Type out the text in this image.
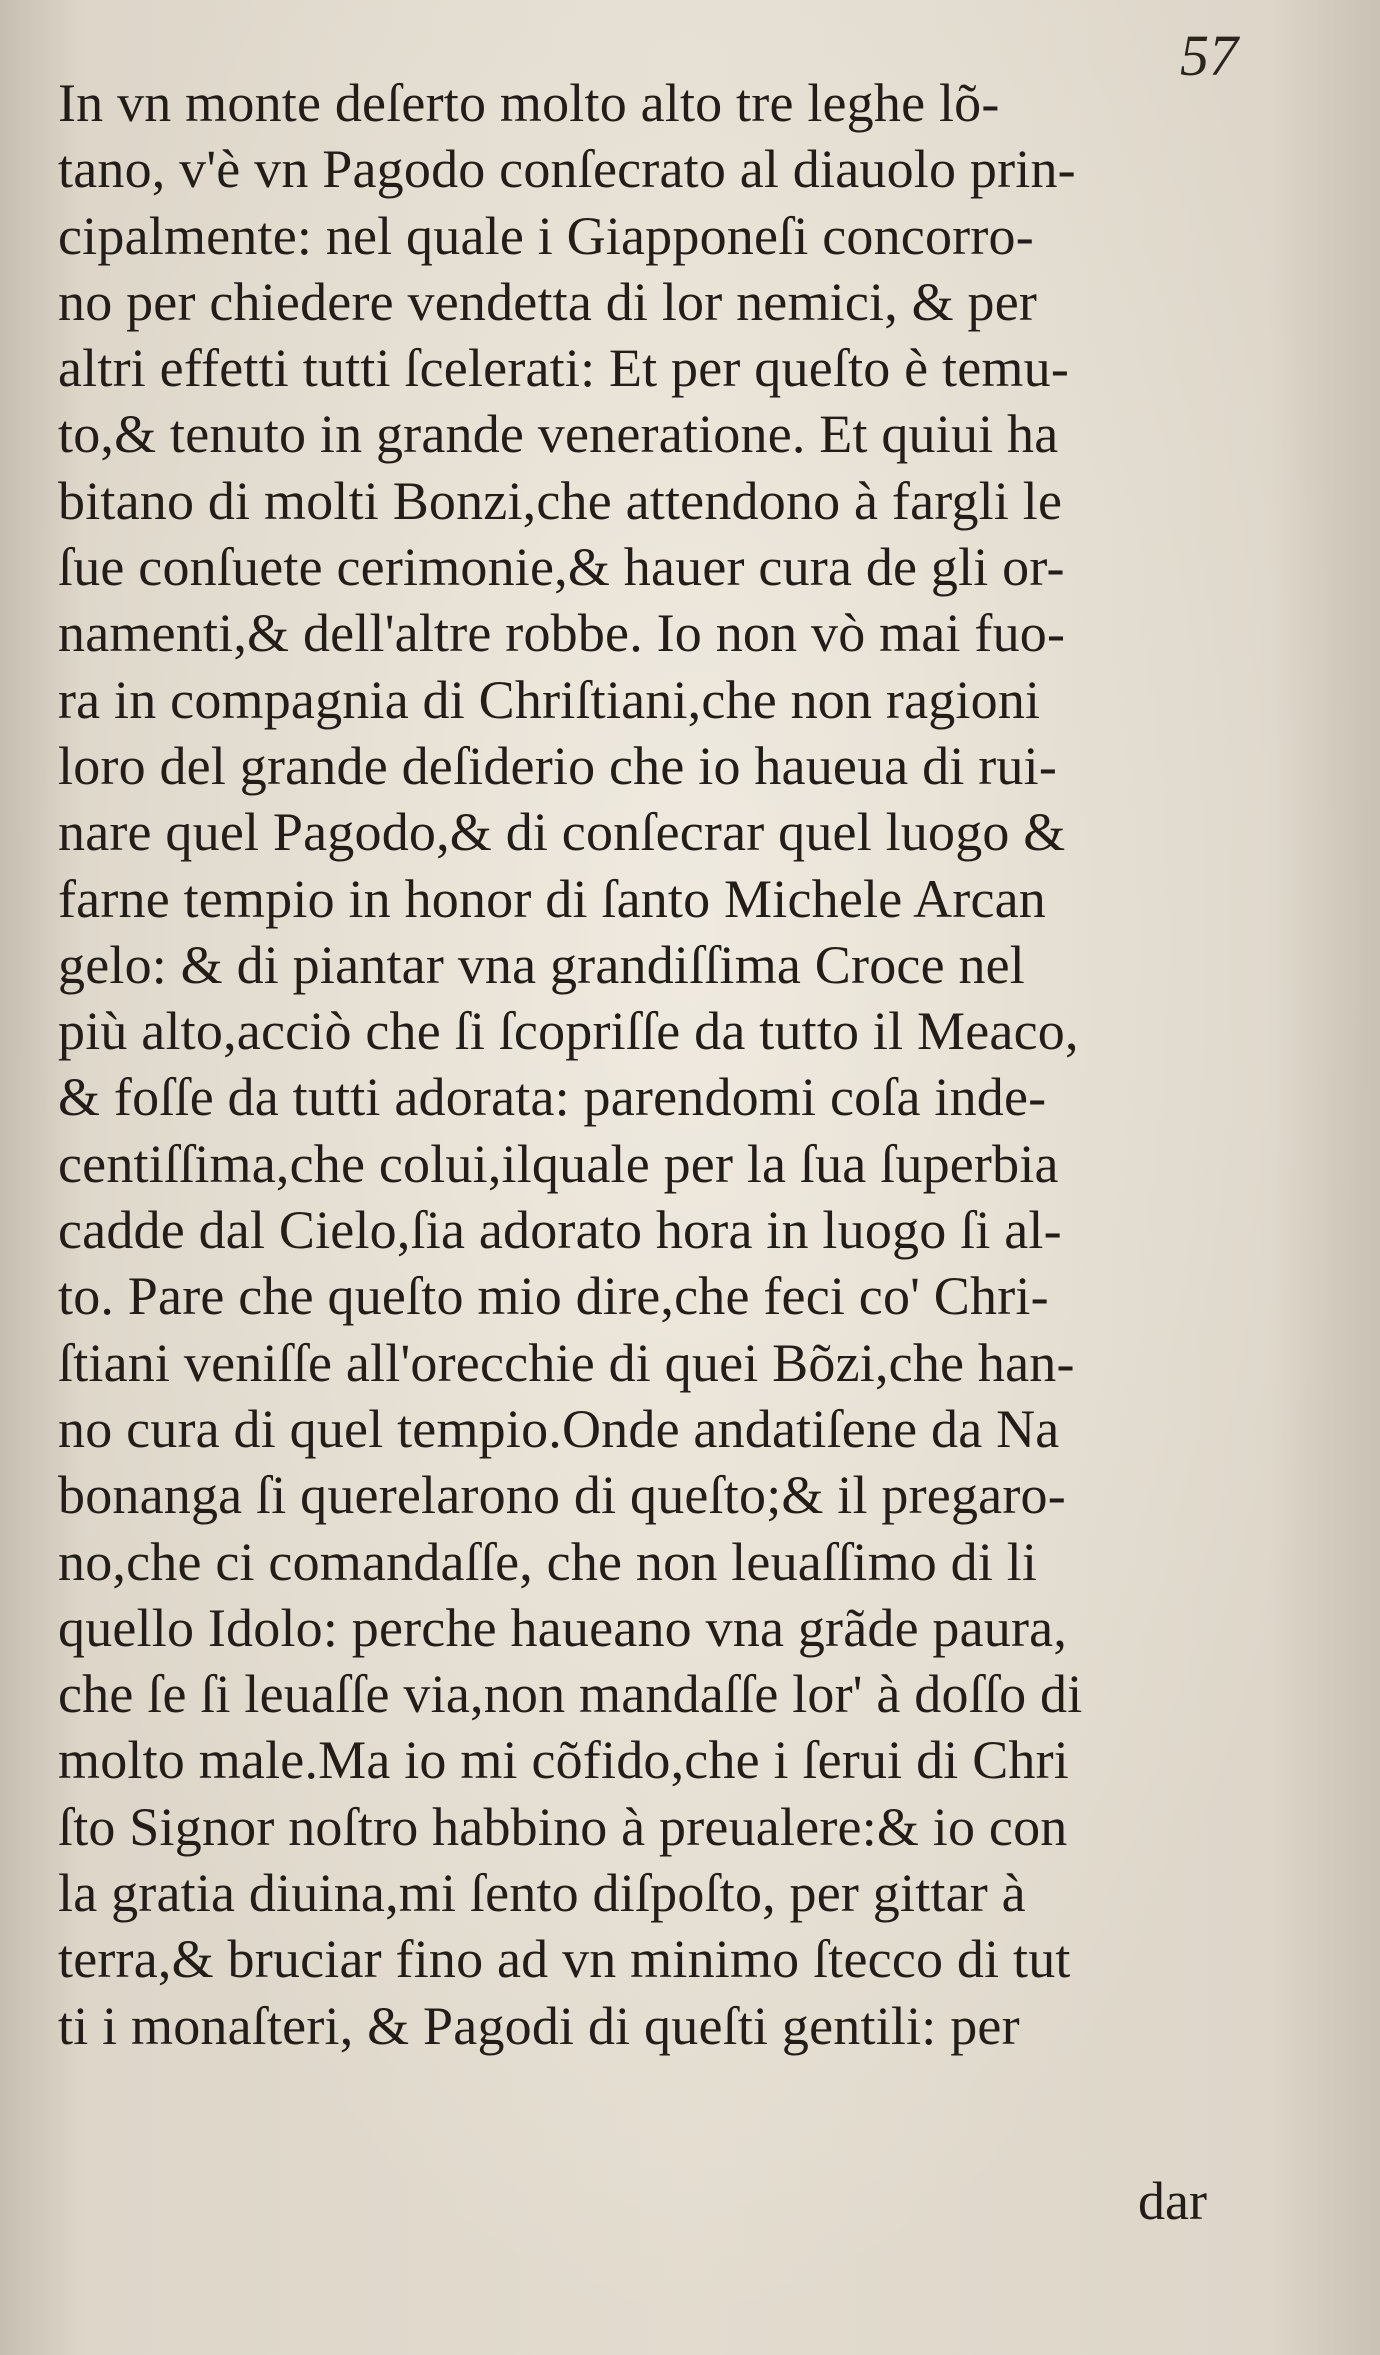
57
In vn monte deſerto molto alto tre leghe lõ-
tano, v'è vn Pagodo conſecrato al diauolo prin-
cipalmente: nel quale i Giapponeſi concorro-
no per chiedere vendetta di lor nemici, & per
altri effetti tutti ſcelerati: Et per queſto è temu-
to,& tenuto in grande veneratione. Et quiui ha
bitano di molti Bonzi,che attendono à fargli le
ſue conſuete cerimonie,& hauer cura de gli or-
namenti,& dell'altre robbe. Io non vò mai fuo-
ra in compagnia di Chriſtiani,che non ragioni
loro del grande deſiderio che io haueua di rui-
nare quel Pagodo,& di conſecrar quel luogo &
farne tempio in honor di ſanto Michele Arcan
gelo: & di piantar vna grandiſſima Croce nel
più alto,acciò che ſi ſcopriſſe da tutto il Meaco,
& foſſe da tutti adorata: parendomi coſa inde-
centiſſima,che colui,ilquale per la ſua ſuperbia
cadde dal Cielo,ſia adorato hora in luogo ſi al-
to. Pare che queſto mio dire,che feci co' Chri-
ſtiani veniſſe all'orecchie di quei Bõzi,che han-
no cura di quel tempio.Onde andatiſene da Na
bonanga ſi querelarono di queſto;& il pregaro-
no,che ci comandaſſe, che non leuaſſimo di li
quello Idolo: perche haueano vna grãde paura,
che ſe ſi leuaſſe via,non mandaſſe lor' à doſſo di
molto male.Ma io mi cõfido,che i ſerui di Chri
ſto Signor noſtro habbino à preualere:& io con
la gratia diuina,mi ſento diſpoſto, per gittar à
terra,& bruciar fino ad vn minimo ſtecco di tut
ti i monaſteri, & Pagodi di queſti gentili: per
dar
